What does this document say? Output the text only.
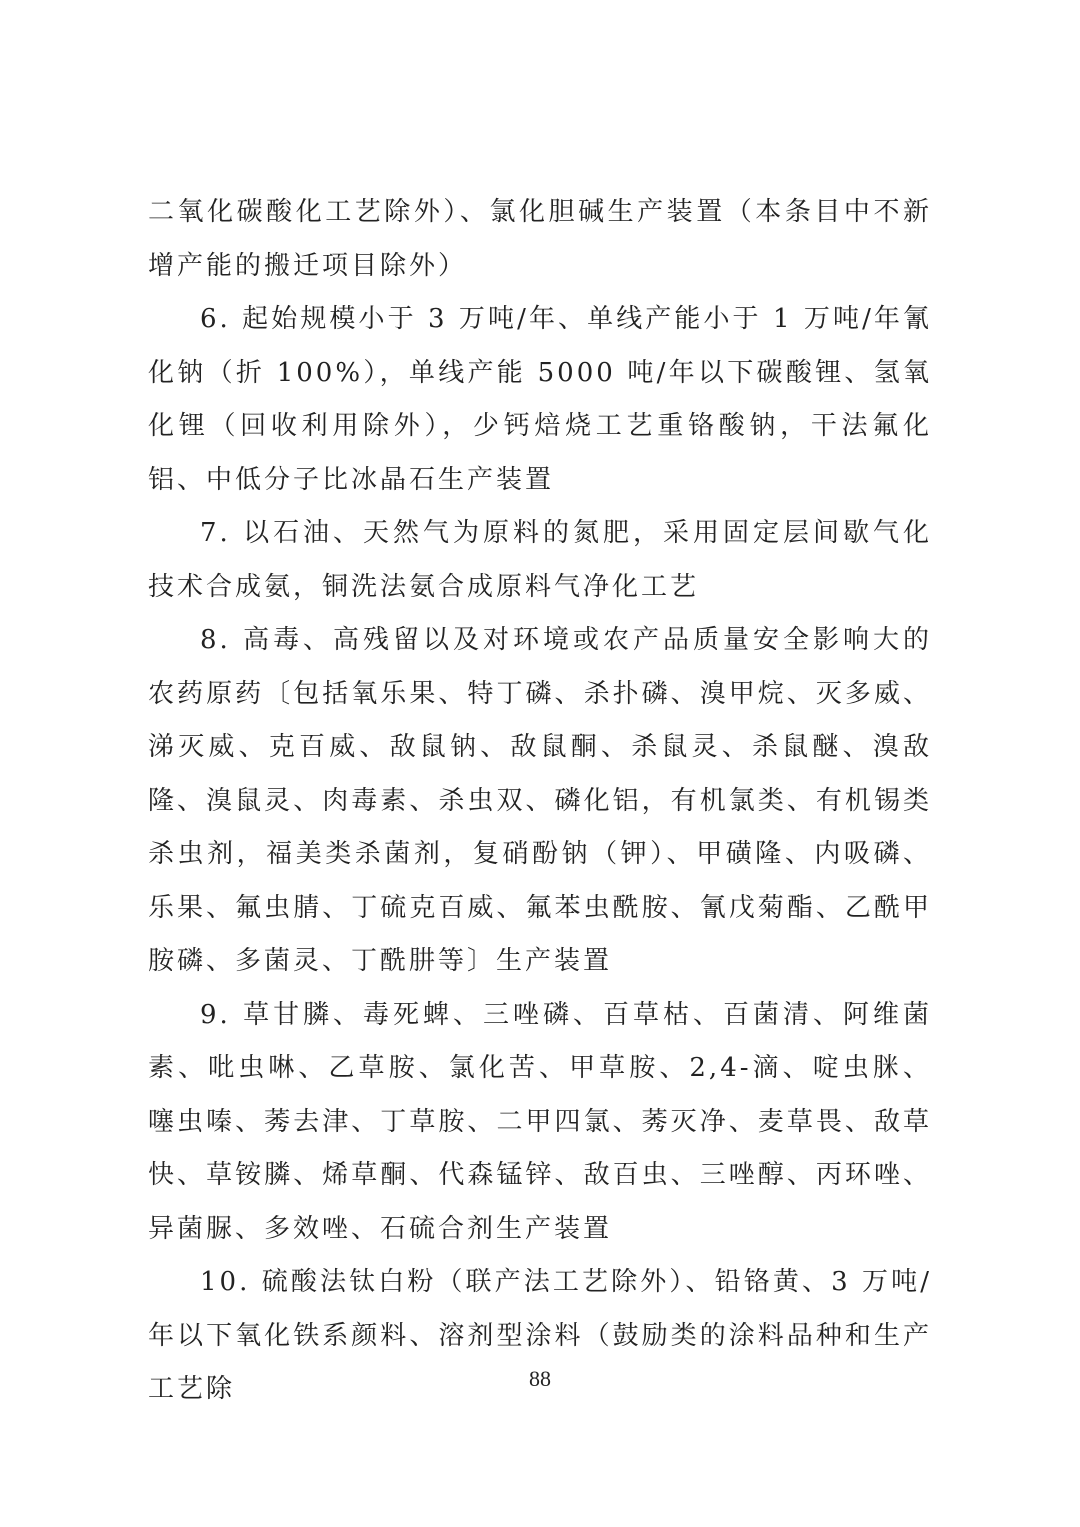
二氧化碳酸化工艺除外）、氯化胆碱生产装置（本条目中不新增产能的搬迁项目除外）

6. 起始规模小于 3 万吨/年、单线产能小于 1 万吨/年氰化钠（折 100%），单线产能 5000 吨/年以下碳酸锂、氢氧化锂（回收利用除外），少钙焙烧工艺重铬酸钠，干法氟化铝、中低分子比冰晶石生产装置

7. 以石油、天然气为原料的氮肥，采用固定层间歇气化技术合成氨，铜洗法氨合成原料气净化工艺

8. 高毒、高残留以及对环境或农产品质量安全影响大的农药原药〔包括氧乐果、特丁磷、杀扑磷、溴甲烷、灭多威、涕灭威、克百威、敌鼠钠、敌鼠酮、杀鼠灵、杀鼠醚、溴敌隆、溴鼠灵、肉毒素、杀虫双、磷化铝，有机氯类、有机锡类杀虫剂，福美类杀菌剂，复硝酚钠（钾）、甲磺隆、内吸磷、乐果、氟虫腈、丁硫克百威、氟苯虫酰胺、氰戊菊酯、乙酰甲胺磷、多菌灵、丁酰肼等〕生产装置

9. 草甘膦、毒死蜱、三唑磷、百草枯、百菌清、阿维菌素、吡虫啉、乙草胺、氯化苦、甲草胺、2,4-滴、啶虫脒、噻虫嗪、莠去津、丁草胺、二甲四氯、莠灭净、麦草畏、敌草快、草铵膦、烯草酮、代森锰锌、敌百虫、三唑醇、丙环唑、异菌脲、多效唑、石硫合剂生产装置

10. 硫酸法钛白粉（联产法工艺除外）、铅铬黄、3 万吨/年以下氧化铁系颜料、溶剂型涂料（鼓励类的涂料品种和生产工艺除	88
